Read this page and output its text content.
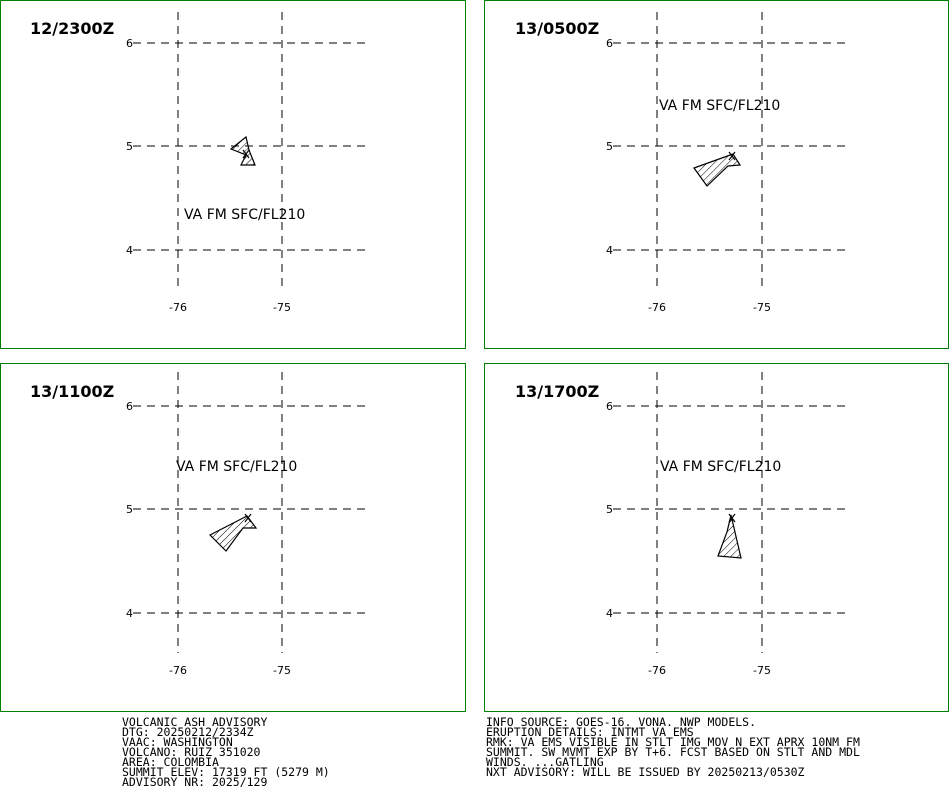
6
5
4
-76	-75
12/2300Z
VA FM SFC/FL210
6
5
4
-76	-75
13/0500Z
VA FM SFC/FL210
6
5
4
-76	-75
13/1100Z
VA FM SFC/FL210
6
5
4
-76	-75
13/1700Z
VA FM SFC/FL210
VOLCANIC ASH ADVISORY
DTG: 20250212/2334Z
VAAC: WASHINGTON
VOLCANO: RUIZ 351020
AREA: COLOMBIA
SUMMIT ELEV: 17319 FT (5279 M)
ADVISORY NR: 2025/129
INFO SOURCE: GOES-16. VONA. NWP MODELS.
ERUPTION DETAILS: INTMT VA EMS
RMK: VA EMS VISIBLE IN STLT IMG MOV N EXT APRX 10NM FM
SUMMIT. SW MVMT EXP BY T+6. FCST BASED ON STLT AND MDL
WINDS. ...GATLING
NXT ADVISORY: WILL BE ISSUED BY 20250213/0530Z
